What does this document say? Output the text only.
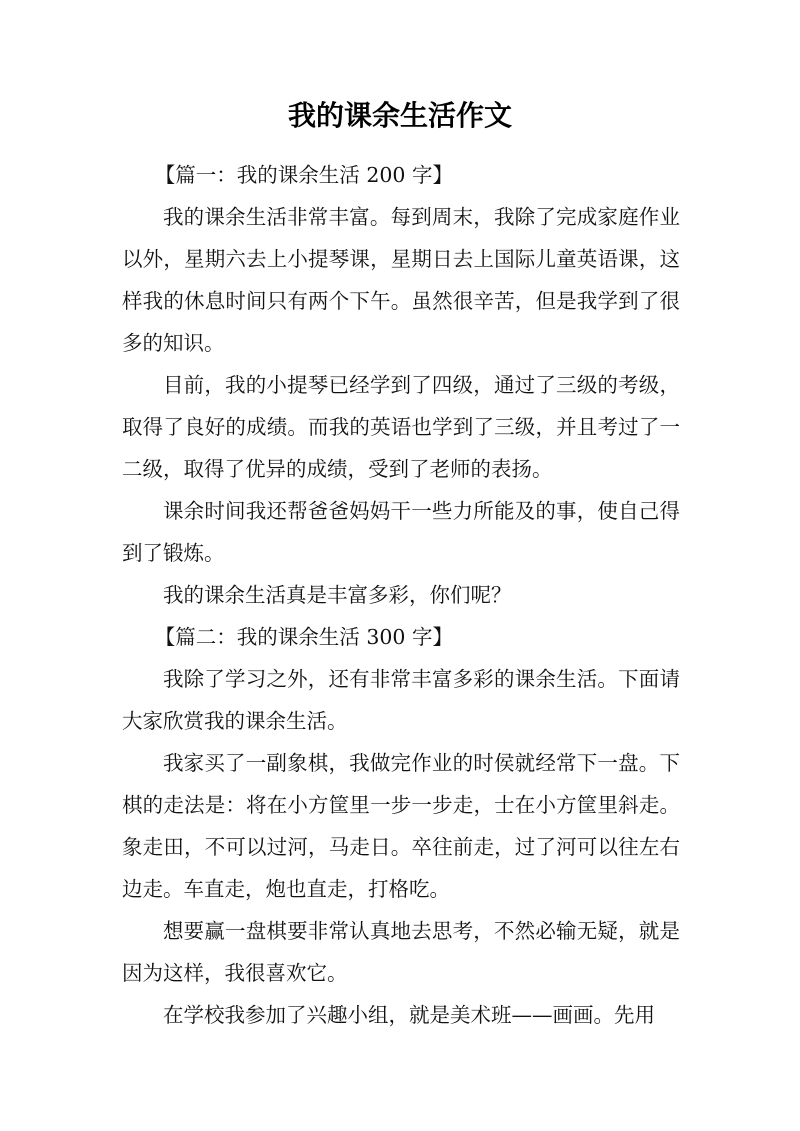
我的课余生活作文

【篇一：我的课余生活 200 字】

我的课余生活非常丰富。每到周末，我除了完成家庭作业以外，星期六去上小提琴课，星期日去上国际儿童英语课，这样我的休息时间只有两个下午。虽然很辛苦，但是我学到了很多的知识。

目前，我的小提琴已经学到了四级，通过了三级的考级，取得了良好的成绩。而我的英语也学到了三级，并且考过了一二级，取得了优异的成绩，受到了老师的表扬。

课余时间我还帮爸爸妈妈干一些力所能及的事，使自己得到了锻炼。

我的课余生活真是丰富多彩，你们呢？

【篇二：我的课余生活 300 字】

我除了学习之外，还有非常丰富多彩的课余生活。下面请大家欣赏我的课余生活。

我家买了一副象棋，我做完作业的时侯就经常下一盘。下棋的走法是：将在小方筐里一步一步走，士在小方筐里斜走。象走田，不可以过河，马走日。卒往前走，过了河可以往左右边走。车直走，炮也直走，打格吃。

想要赢一盘棋要非常认真地去思考，不然必输无疑，就是因为这样，我很喜欢它。

在学校我参加了兴趣小组，就是美术班——画画。先用
